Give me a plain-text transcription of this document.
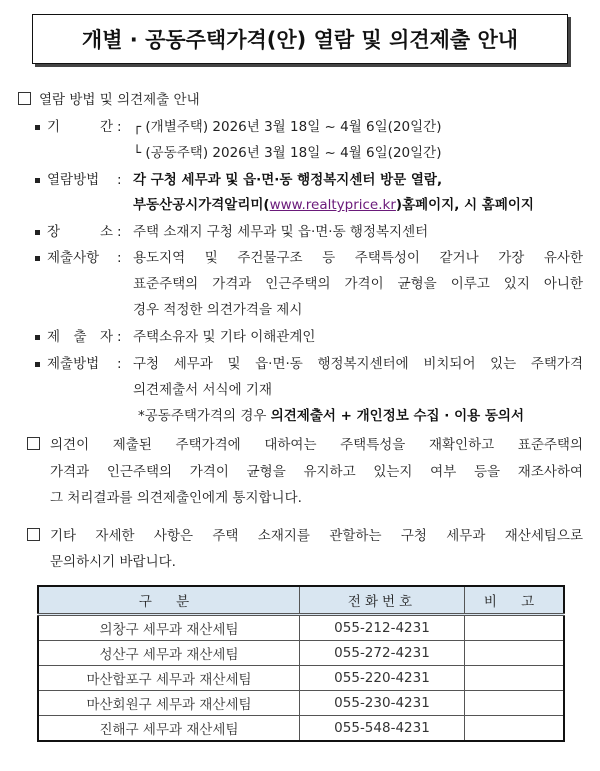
개별 · 공동주택가격(안) 열람 및 의견제출 안내
열람 방법 및 의견제출 안내
기 간 : ┌ (개별주택) 2026년 3월 18일 ~ 4월 6일(20일간)
└ (공동주택) 2026년 3월 18일 ~ 4월 6일(20일간)
열람방법	: 각 구청 세무과 및 읍·면·동 행정복지센터 방문 열람,
부동산공시가격알리미(www.realtyprice.kr)홈페이지, 시 홈페이지
장 소 : 주택 소재지 구청 세무과 및 읍·면·동 행정복지센터
제출사항	: 용도지역 및 주건물구조 등 주택특성이 같거나 가장 유사한
표준주택의 가격과 인근주택의 가격이 균형을 이루고 있지 아니한
경우 적정한 의견가격을 제시
제 출 자 : 주택소유자 및 기타 이해관계인
제출방법	: 구청 세무과 및 읍·면·동 행정복지센터에 비치되어 있는 주택가격
의견제출서 서식에 기재
*공동주택가격의 경우 의견제출서 + 개인정보 수집 · 이용 동의서
의견이 제출된 주택가격에 대하여는 주택특성을 재확인하고 표준주택의
가격과 인근주택의 가격이 균형을 유지하고 있는지 여부 등을 재조사하여
그 처리결과를 의견제출인에게 통지합니다.
기타 자세한 사항은 주택 소재지를 관할하는 구청 세무과 재산세팀으로
문의하시기 바랍니다.
구 분	전화번호	비 고
의창구 세무과 재산세팀	055-212-4231	
성산구 세무과 재산세팀	055-272-4231	
마산합포구 세무과 재산세팀	055-220-4231	
마산회원구 세무과 재산세팀	055-230-4231	
진해구 세무과 재산세팀	055-548-4231	
